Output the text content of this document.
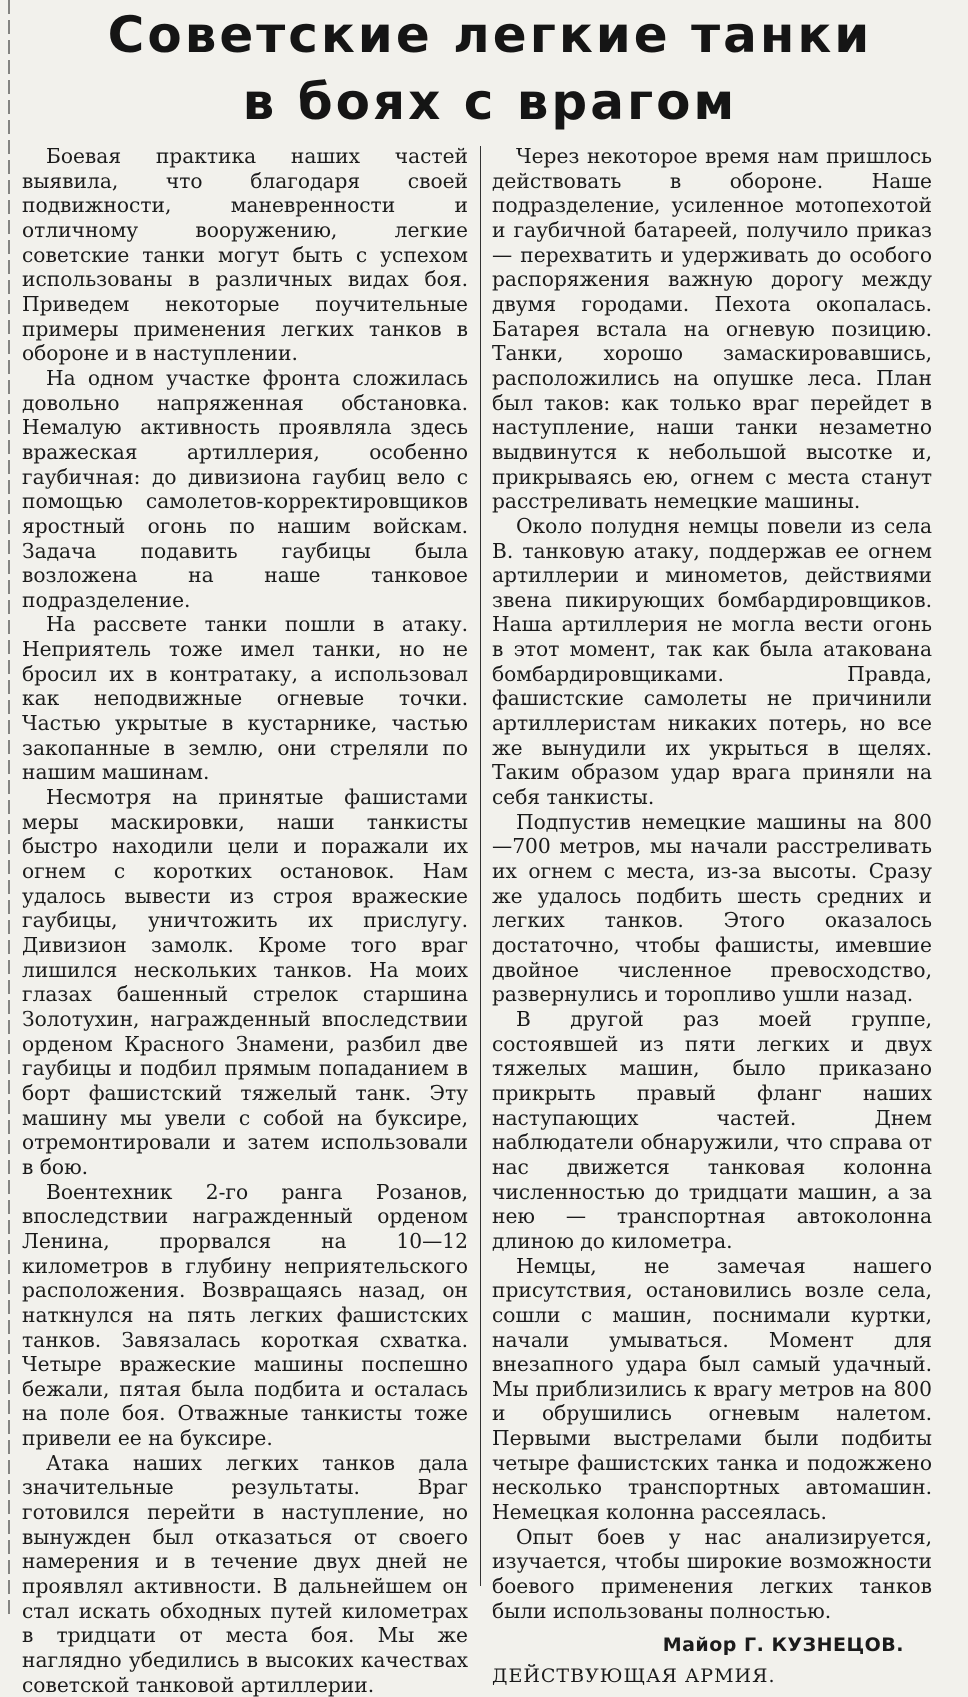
Советские легкие танки
в боях с врагом

Боевая практика наших частей выявила, что благодаря своей подвижности, маневренности и отличному вооружению, легкие советские танки могут быть с успехом использованы в различных видах боя. Приведем некоторые поучительные примеры применения легких танков в обороне и в наступлении.

На одном участке фронта сложилась довольно напряженная обстановка. Немалую активность проявляла здесь вражеская артиллерия, особенно гаубичная: до дивизиона гаубиц вело с помощью самолетов-корректировщиков яростный огонь по нашим войскам. Задача подавить гаубицы была возложена на наше танковое подразделение.

На рассвете танки пошли в атаку. Неприятель тоже имел танки, но не бросил их в контратаку, а использовал как неподвижные огневые точки. Частью укрытые в кустарнике, частью закопанные в землю, они стреляли по нашим машинам.

Несмотря на принятые фашистами меры маскировки, наши танкисты быстро находили цели и поражали их огнем с коротких остановок. Нам удалось вывести из строя вражеские гаубицы, уничтожить их прислугу. Дивизион замолк. Кроме того враг лишился нескольких танков. На моих глазах башенный стрелок старшина Золотухин, награжденный впоследствии орденом Красного Знамени, разбил две гаубицы и подбил прямым попаданием в борт фашистский тяжелый танк. Эту машину мы увели с собой на буксире, отремонтировали и затем использовали в бою.

Воентехник 2-го ранга Розанов, впоследствии награжденный орденом Ленина, прорвался на 10—12 километров в глубину неприятельского расположения. Возвращаясь назад, он наткнулся на пять легких фашистских танков. Завязалась короткая схватка. Четыре вражеские машины поспешно бежали, пятая была подбита и осталась на поле боя. Отважные танкисты тоже привели ее на буксире.

Атака наших легких танков дала значительные результаты. Враг готовился перейти в наступление, но вынужден был отказаться от своего намерения и в течение двух дней не проявлял активности. В дальнейшем он стал искать обходных путей километрах в тридцати от места боя. Мы же наглядно убедились в высоких качествах советской танковой артиллерии.

Через некоторое время нам пришлось действовать в обороне. Наше подразделение, усиленное мотопехотой и гаубичной батареей, получило приказ — перехватить и удерживать до особого распоряжения важную дорогу между двумя городами. Пехота окопалась. Батарея встала на огневую позицию. Танки, хорошо замаскировавшись, расположились на опушке леса. План был таков: как только враг перейдет в наступление, наши танки незаметно выдвинутся к небольшой высотке и, прикрываясь ею, огнем с места станут расстреливать немецкие машины.

Около полудня немцы повели из села В. танковую атаку, поддержав ее огнем артиллерии и минометов, действиями звена пикирующих бомбардировщиков. Наша артиллерия не могла вести огонь в этот момент, так как была атакована бомбардировщиками. Правда, фашистские самолеты не причинили артиллеристам никаких потерь, но все же вынудили их укрыться в щелях. Таким образом удар врага приняли на себя танкисты.

Подпустив немецкие машины на 800—700 метров, мы начали расстреливать их огнем с места, из-за высоты. Сразу же удалось подбить шесть средних и легких танков. Этого оказалось достаточно, чтобы фашисты, имевшие двойное численное превосходство, развернулись и торопливо ушли назад.

В другой раз моей группе, состоявшей из пяти легких и двух тяжелых машин, было приказано прикрыть правый фланг наших наступающих частей. Днем наблюдатели обнаружили, что справа от нас движется танковая колонна численностью до тридцати машин, а за нею — транспортная автоколонна длиною до километра.

Немцы, не замечая нашего присутствия, остановились возле села, сошли с машин, поснимали куртки, начали умываться. Момент для внезапного удара был самый удачный. Мы приблизились к врагу метров на 800 и обрушились огневым налетом. Первыми выстрелами были подбиты четыре фашистских танка и подожжено несколько транспортных автомашин. Немецкая колонна рассеялась.

Опыт боев у нас анализируется, изучается, чтобы широкие возможности боевого применения легких танков были использованы полностью.

Майор Г. КУЗНЕЦОВ.
ДЕЙСТВУЮЩАЯ АРМИЯ.
